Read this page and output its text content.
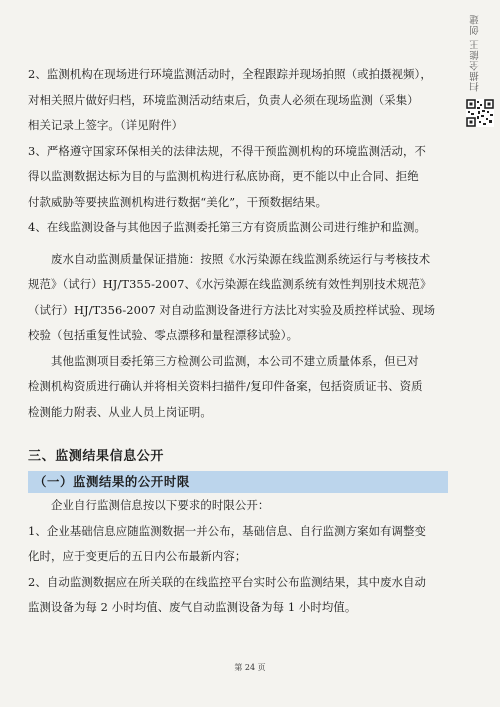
扫描全能王 创建

2、监测机构在现场进行环境监测活动时，全程跟踪并现场拍照（或拍摄视频），

对相关照片做好归档，环境监测活动结束后，负责人必须在现场监测（采集）

相关记录上签字。（详见附件）

3、严格遵守国家环保相关的法律法规，不得干预监测机构的环境监测活动，不

得以监测数据达标为目的与监测机构进行私底协商，更不能以中止合同、拒绝

付款威胁等要挟监测机构进行数据“美化”，干预数据结果。

4、在线监测设备与其他因子监测委托第三方有资质监测公司进行维护和监测。

废水自动监测质量保证措施：按照《水污染源在线监测系统运行与考核技术

规范》（试行）HJ/T355-2007、《水污染源在线监测系统有效性判别技术规范》

（试行）HJ/T356-2007 对自动监测设备进行方法比对实验及质控样试验、现场

校验（包括重复性试验、零点漂移和量程漂移试验）。

其他监测项目委托第三方检测公司监测，本公司不建立质量体系，但已对

检测机构资质进行确认并将相关资料扫描件/复印件备案，包括资质证书、资质

检测能力附表、从业人员上岗证明。

三、监测结果信息公开

（一）监测结果的公开时限

企业自行监测信息按以下要求的时限公开：

1、企业基础信息应随监测数据一并公布，基础信息、自行监测方案如有调整变

化时，应于变更后的五日内公布最新内容；

2、自动监测数据应在所关联的在线监控平台实时公布监测结果，其中废水自动

监测设备为每 2 小时均值、废气自动监测设备为每 1 小时均值。

第 24 页
